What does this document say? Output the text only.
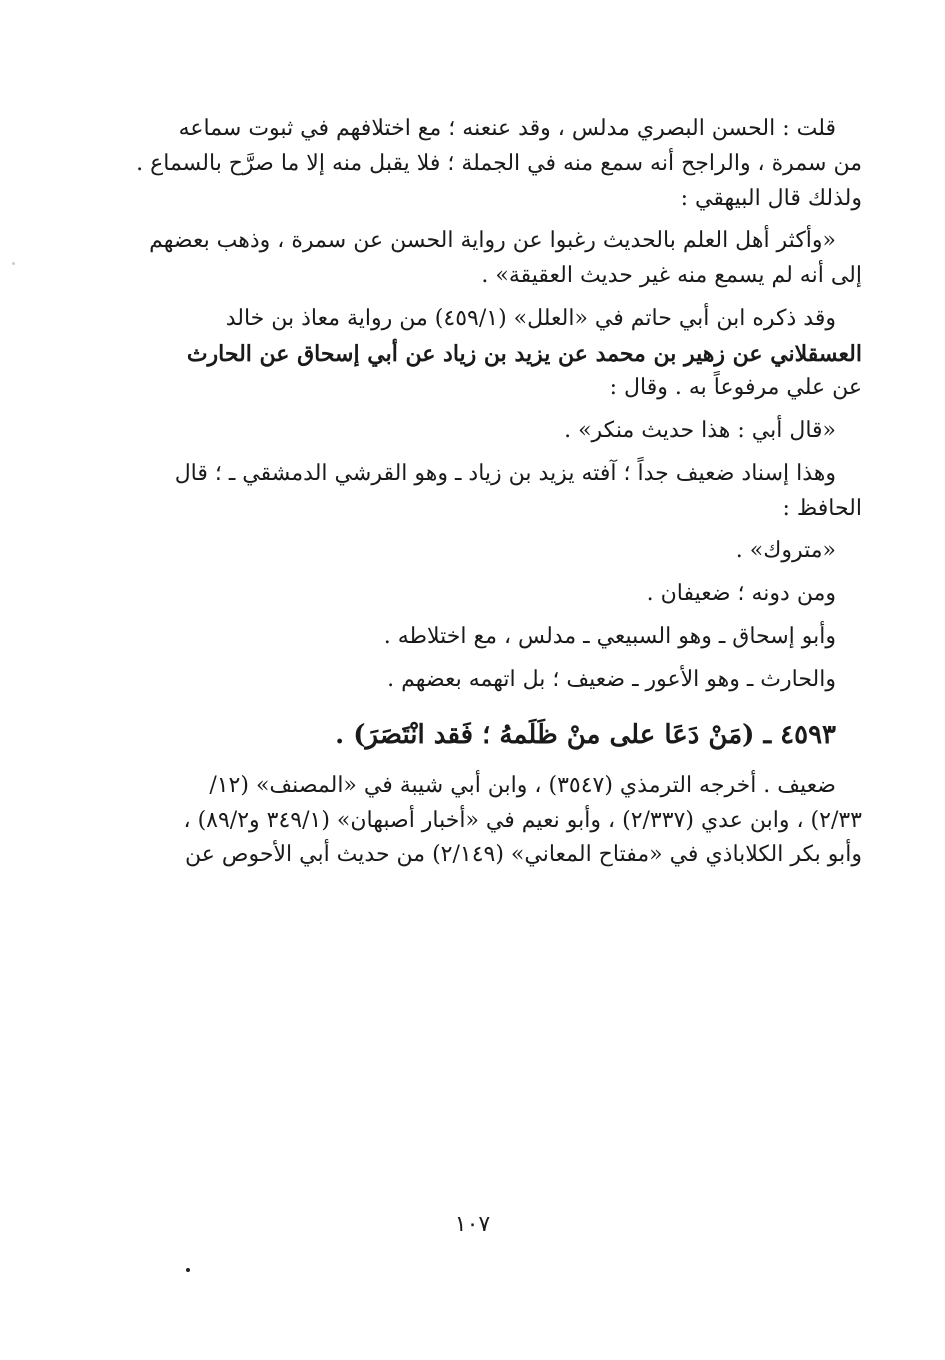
قلت : الحسن البصري مدلس ، وقد عنعنه ؛ مع اختلافهم في ثبوت سماعه

من سمرة ، والراجح أنه سمع منه في الجملة ؛ فلا يقبل منه إلا ما صرَّح بالسماع .

ولذلك قال البيهقي :

«وأكثر أهل العلم بالحديث رغبوا عن رواية الحسن عن سمرة ، وذهب بعضهم

إلى أنه لم يسمع منه غير حديث العقيقة» .

وقد ذكره ابن أبي حاتم في «العلل» (٤٥٩/١) من رواية معاذ بن خالد

العسقلاني عن زهير بن محمد عن يزيد بن زياد عن أبي إسحاق عن الحارث

عن علي مرفوعاً به . وقال :

«قال أبي : هذا حديث منكر» .

وهذا إسناد ضعيف جداً ؛ آفته يزيد بن زياد ـ وهو القرشي الدمشقي ـ ؛ قال

الحافظ :

«متروك» .

ومن دونه ؛ ضعيفان .

وأبو إسحاق ـ وهو السبيعي ـ مدلس ، مع اختلاطه .

والحارث ـ وهو الأعور ـ ضعيف ؛ بل اتهمه بعضهم .

٤٥٩٣ ـ (مَنْ دَعَا على منْ ظَلَمهُ ؛ فَقد انْتَصَرَ) .

ضعيف . أخرجه الترمذي (٣٥٤٧) ، وابن أبي شيبة في «المصنف» (١٢/

٢/٣٣) ، وابن عدي (٢/٣٣٧) ، وأبو نعيم في «أخبار أصبهان» (٣٤٩/١ و٨٩/٢) ،

وأبو بكر الكلاباذي في «مفتاح المعاني» (٢/١٤٩) من حديث أبي الأحوص عن

١٠٧
